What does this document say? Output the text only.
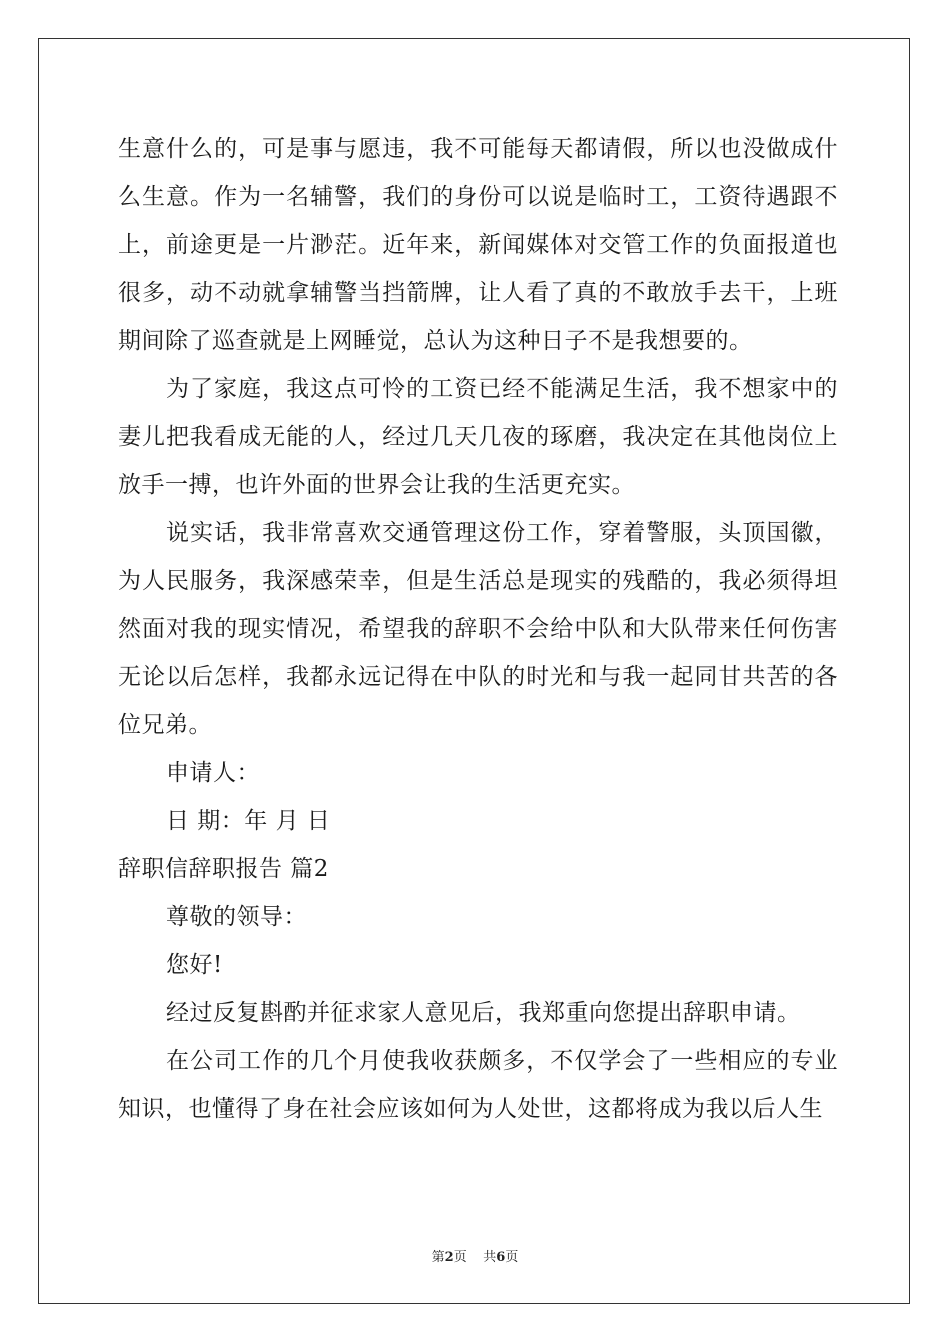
生意什么的，可是事与愿违，我不可能每天都请假，所以也没做成什么生意。作为一名辅警，我们的身份可以说是临时工，工资待遇跟不上，前途更是一片渺茫。近年来，新闻媒体对交管工作的负面报道也很多，动不动就拿辅警当挡箭牌，让人看了真的不敢放手去干，上班期间除了巡查就是上网睡觉，总认为这种日子不是我想要的。

为了家庭，我这点可怜的工资已经不能满足生活，我不想家中的妻儿把我看成无能的人，经过几天几夜的琢磨，我决定在其他岗位上放手一搏，也许外面的世界会让我的生活更充实。

说实话，我非常喜欢交通管理这份工作，穿着警服，头顶国徽，为人民服务，我深感荣幸，但是生活总是现实的残酷的，我必须得坦然面对我的现实情况，希望我的辞职不会给中队和大队带来任何伤害无论以后怎样，我都永远记得在中队的时光和与我一起同甘共苦的各位兄弟。

申请人：

日 期：年 月 日

辞职信辞职报告 篇2

尊敬的领导：

您好!

经过反复斟酌并征求家人意见后，我郑重向您提出辞职申请。

在公司工作的几个月使我收获颇多，不仅学会了一些相应的专业知识，也懂得了身在社会应该如何为人处世，这都将成为我以后人生

第2页 共6页
